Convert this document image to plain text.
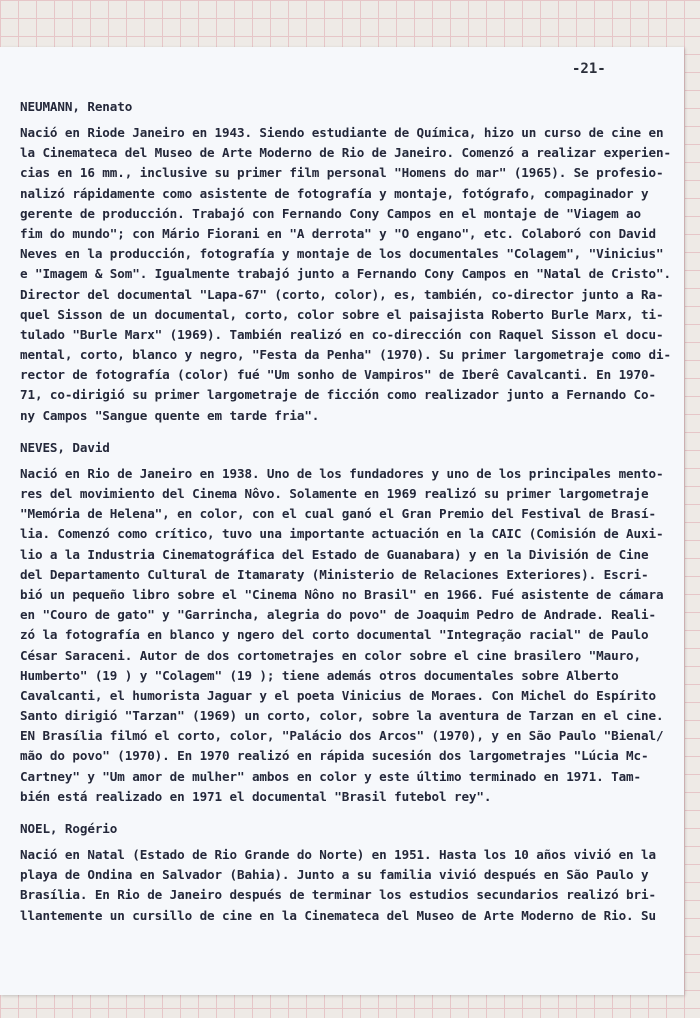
-21-
NEUMANN, Renato
Nació en Riode Janeiro en 1943. Siendo estudiante de Química, hizo un curso de cine en
la Cinemateca del Museo de Arte Moderno de Rio de Janeiro. Comenzó a realizar experien-
cias en 16 mm., inclusive su primer film personal "Homens do mar" (1965). Se profesio-
nalizó rápidamente como asistente de fotografía y montaje, fotógrafo, compaginador y
gerente de producción. Trabajó con Fernando Cony Campos en el montaje de "Viagem ao
fim do mundo"; con Mário Fiorani en "A derrota" y "O engano", etc. Colaboró con David
Neves en la producción, fotografía y montaje de los documentales "Colagem", "Vinicius"
e "Imagem & Som". Igualmente trabajó junto a Fernando Cony Campos en "Natal de Cristo".
Director del documental "Lapa-67" (corto, color), es, también, co-director junto a Ra-
quel Sisson de un documental, corto, color sobre el paisajista Roberto Burle Marx, ti-
tulado "Burle Marx" (1969). También realizó en co-dirección con Raquel Sisson el docu-
mental, corto, blanco y negro, "Festa da Penha" (1970). Su primer largometraje como di-
rector de fotografía (color) fué "Um sonho de Vampiros" de Iberê Cavalcanti. En 1970-
71, co-dirigió su primer largometraje de ficción como realizador junto a Fernando Co-
ny Campos "Sangue quente em tarde fria".
NEVES, David
Nació en Rio de Janeiro en 1938. Uno de los fundadores y uno de los principales mento-
res del movimiento del Cinema Nôvo. Solamente en 1969 realizó su primer largometraje
"Memória de Helena", en color, con el cual ganó el Gran Premio del Festival de Brasí-
lia. Comenzó como crítico, tuvo una importante actuación en la CAIC (Comisión de Auxi-
lio a la Industria Cinematográfica del Estado de Guanabara) y en la División de Cine
del Departamento Cultural de Itamaraty (Ministerio de Relaciones Exteriores). Escri-
bió un pequeño libro sobre el "Cinema Nôno no Brasil" en 1966. Fué asistente de cámara
en "Couro de gato" y "Garrincha, alegria do povo" de Joaquim Pedro de Andrade. Reali-
zó la fotografía en blanco y ngero del corto documental "Integração racial" de Paulo
César Saraceni. Autor de dos cortometrajes en color sobre el cine brasilero "Mauro,
Humberto" (19 ) y "Colagem" (19 ); tiene además otros documentales sobre Alberto
Cavalcanti, el humorista Jaguar y el poeta Vinicius de Moraes. Con Michel do Espírito
Santo dirigió "Tarzan" (1969) un corto, color, sobre la aventura de Tarzan en el cine.
EN Brasília filmó el corto, color, "Palácio dos Arcos" (1970), y en São Paulo "Bienal/
mão do povo" (1970). En 1970 realizó en rápida sucesión dos largometrajes "Lúcia Mc-
Cartney" y "Um amor de mulher" ambos en color y este último terminado en 1971. Tam-
bién está realizado en 1971 el documental "Brasil futebol rey".
NOEL, Rogério
Nació en Natal (Estado de Rio Grande do Norte) en 1951. Hasta los 10 años vivió en la
playa de Ondina en Salvador (Bahia). Junto a su familia vivió después en São Paulo y
Brasília. En Rio de Janeiro después de terminar los estudios secundarios realizó bri-
llantemente un cursillo de cine en la Cinemateca del Museo de Arte Moderno de Rio. Su
